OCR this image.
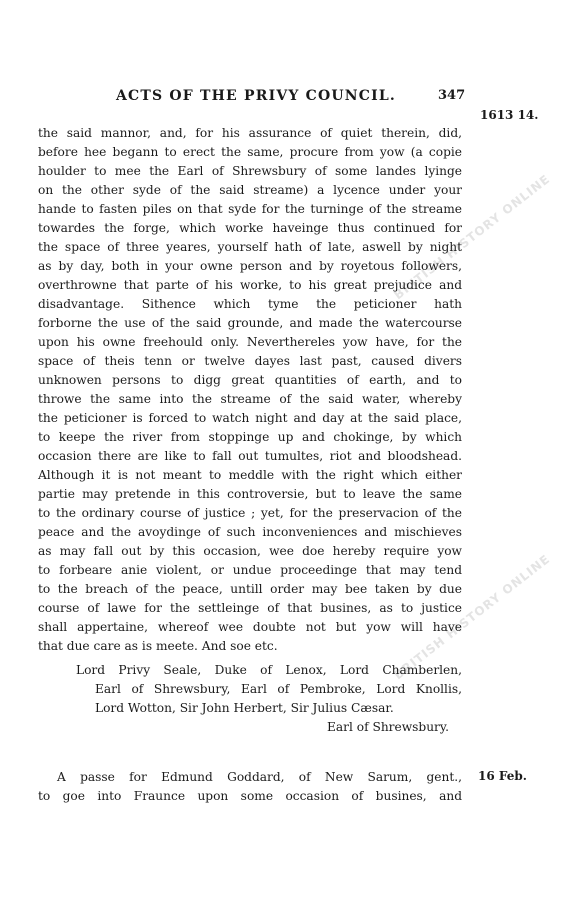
ACTS OF THE PRIVY COUNCIL.	347
1613 14.
BRITISH HISTORY ONLINE
BRITISH HISTORY ONLINE
the said mannor, and, for his assurance of quiet therein, did,
before hee begann to erect the same, procure from yow (a copie
houlder to mee the Earl of Shrewsbury of some landes lyinge
on the other syde of the said streame) a lycence under your
hande to fasten piles on that syde for the turninge of the streame
towardes the forge, which worke haveinge thus continued for
the space of three yeares, yourself hath of late, aswell by night
as by day, both in your owne person and by royetous followers,
overthrowne that parte of his worke, to his great prejudice and
disadvantage. Sithence which tyme the peticioner hath
forborne the use of the said grounde, and made the watercourse
upon his owne freehould only. Neverthereles yow have, for the
space of theis tenn or twelve dayes last past, caused divers
unknowen persons to digg great quantities of earth, and to
throwe the same into the streame of the said water, whereby
the peticioner is forced to watch night and day at the said place,
to keepe the river from stoppinge up and chokinge, by which
occasion there are like to fall out tumultes, riot and bloodshead.
Although it is not meant to meddle with the right which either
partie may pretende in this controversie, but to leave the same
to the ordinary course of justice ; yet, for the preservacion of the
peace and the avoydinge of such inconveniences and mischieves
as may fall out by this occasion, wee doe hereby require yow
to forbeare anie violent, or undue proceedinge that may tend
to the breach of the peace, untill order may bee taken by due
course of lawe for the settleinge of that busines, as to justice
shall appertaine, whereof wee doubte not but yow will have
that due care as is meete. And soe etc.
Lord Privy Seale, Duke of Lenox, Lord Chamberlen,
Earl of Shrewsbury, Earl of Pembroke, Lord Knollis,
Lord Wotton, Sir John Herbert, Sir Julius Cæsar.
Earl of Shrewsbury.
16 Feb.
A passe for Edmund Goddard, of New Sarum, gent.,
to goe into Fraunce upon some occasion of busines, and
